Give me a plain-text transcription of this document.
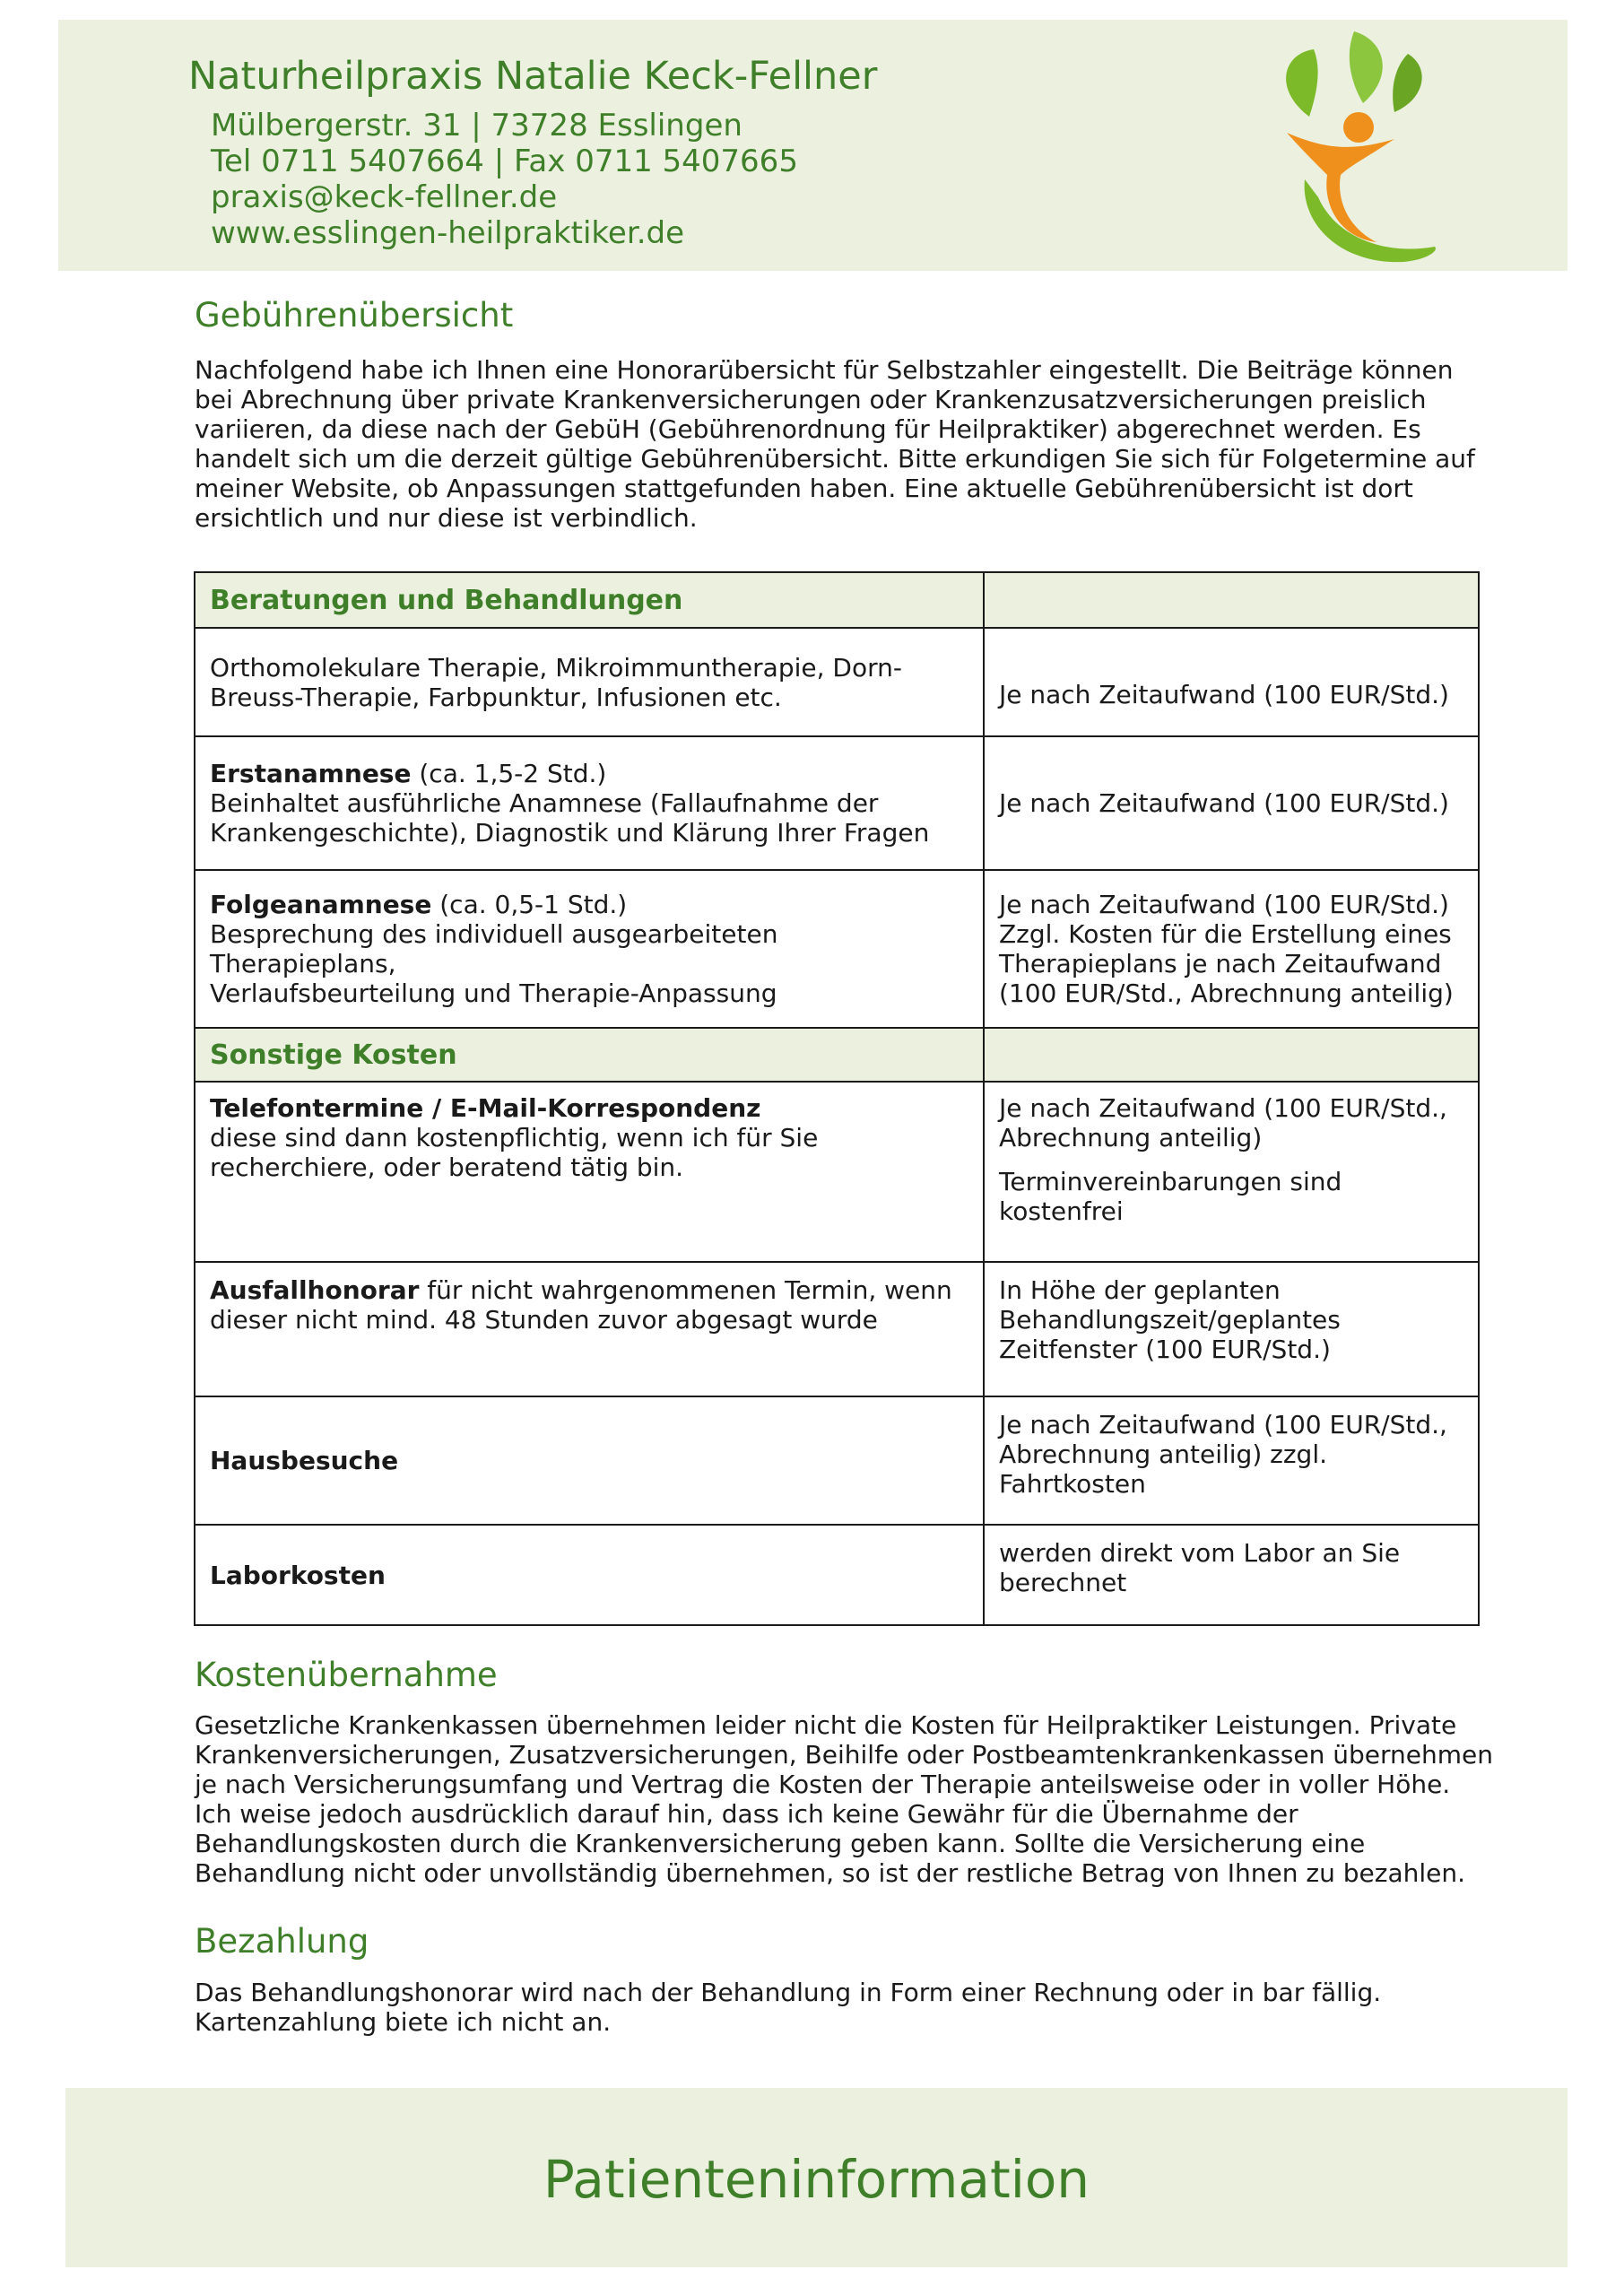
Naturheilpraxis Natalie Keck-Fellner
Mülbergerstr. 31 | 73728 Esslingen
Tel 0711 5407664 | Fax 0711 5407665
praxis@keck-fellner.de
www.esslingen-heilpraktiker.de
Gebührenübersicht
Nachfolgend habe ich Ihnen eine Honorarübersicht für Selbstzahler eingestellt. Die Beiträge können
bei Abrechnung über private Krankenversicherungen oder Krankenzusatzversicherungen preislich
variieren, da diese nach der GebüH (Gebührenordnung für Heilpraktiker) abgerechnet werden. Es
handelt sich um die derzeit gültige Gebührenübersicht. Bitte erkundigen Sie sich für Folgetermine auf
meiner Website, ob Anpassungen stattgefunden haben. Eine aktuelle Gebührenübersicht ist dort
ersichtlich und nur diese ist verbindlich.
Beratungen und Behandlungen	

Orthomolekulare Therapie, Mikroimmuntherapie, Dorn-
Breuss-Therapie, Farbpunktur, Infusionen etc.	Je nach Zeitaufwand (100 EUR/Std.)

Erstanamnese (ca. 1,5-2 Std.)
Beinhaltet ausführliche Anamnese (Fallaufnahme der
Krankengeschichte), Diagnostik und Klärung Ihrer Fragen	Je nach Zeitaufwand (100 EUR/Std.)

Folgeanamnese (ca. 0,5-1 Std.)
Besprechung des individuell ausgearbeiteten Therapieplans,
Verlaufsbeurteilung und Therapie-Anpassung	Je nach Zeitaufwand (100 EUR/Std.)
Zzgl. Kosten für die Erstellung eines
Therapieplans je nach Zeitaufwand
(100 EUR/Std., Abrechnung anteilig)

Sonstige Kosten	

Telefontermine / E-Mail-Korrespondenz
diese sind dann kostenpflichtig, wenn ich für Sie
recherchiere, oder beratend tätig bin.	Je nach Zeitaufwand (100 EUR/Std.,
Abrechnung anteilig)
Terminvereinbarungen sind
kostenfrei

Ausfallhonorar für nicht wahrgenommenen Termin, wenn
dieser nicht mind. 48 Stunden zuvor abgesagt wurde	In Höhe der geplanten
Behandlungszeit/geplantes
Zeitfenster (100 EUR/Std.)

Hausbesuche	Je nach Zeitaufwand (100 EUR/Std.,
Abrechnung anteilig) zzgl.
Fahrtkosten

Laborkosten	werden direkt vom Labor an Sie
berechnet
Kostenübernahme
Gesetzliche Krankenkassen übernehmen leider nicht die Kosten für Heilpraktiker Leistungen. Private
Krankenversicherungen, Zusatzversicherungen, Beihilfe oder Postbeamtenkrankenkassen übernehmen
je nach Versicherungsumfang und Vertrag die Kosten der Therapie anteilsweise oder in voller Höhe.
Ich weise jedoch ausdrücklich darauf hin, dass ich keine Gewähr für die Übernahme der
Behandlungskosten durch die Krankenversicherung geben kann. Sollte die Versicherung eine
Behandlung nicht oder unvollständig übernehmen, so ist der restliche Betrag von Ihnen zu bezahlen.
Bezahlung
Das Behandlungshonorar wird nach der Behandlung in Form einer Rechnung oder in bar fällig.
Kartenzahlung biete ich nicht an.
Patienteninformation
